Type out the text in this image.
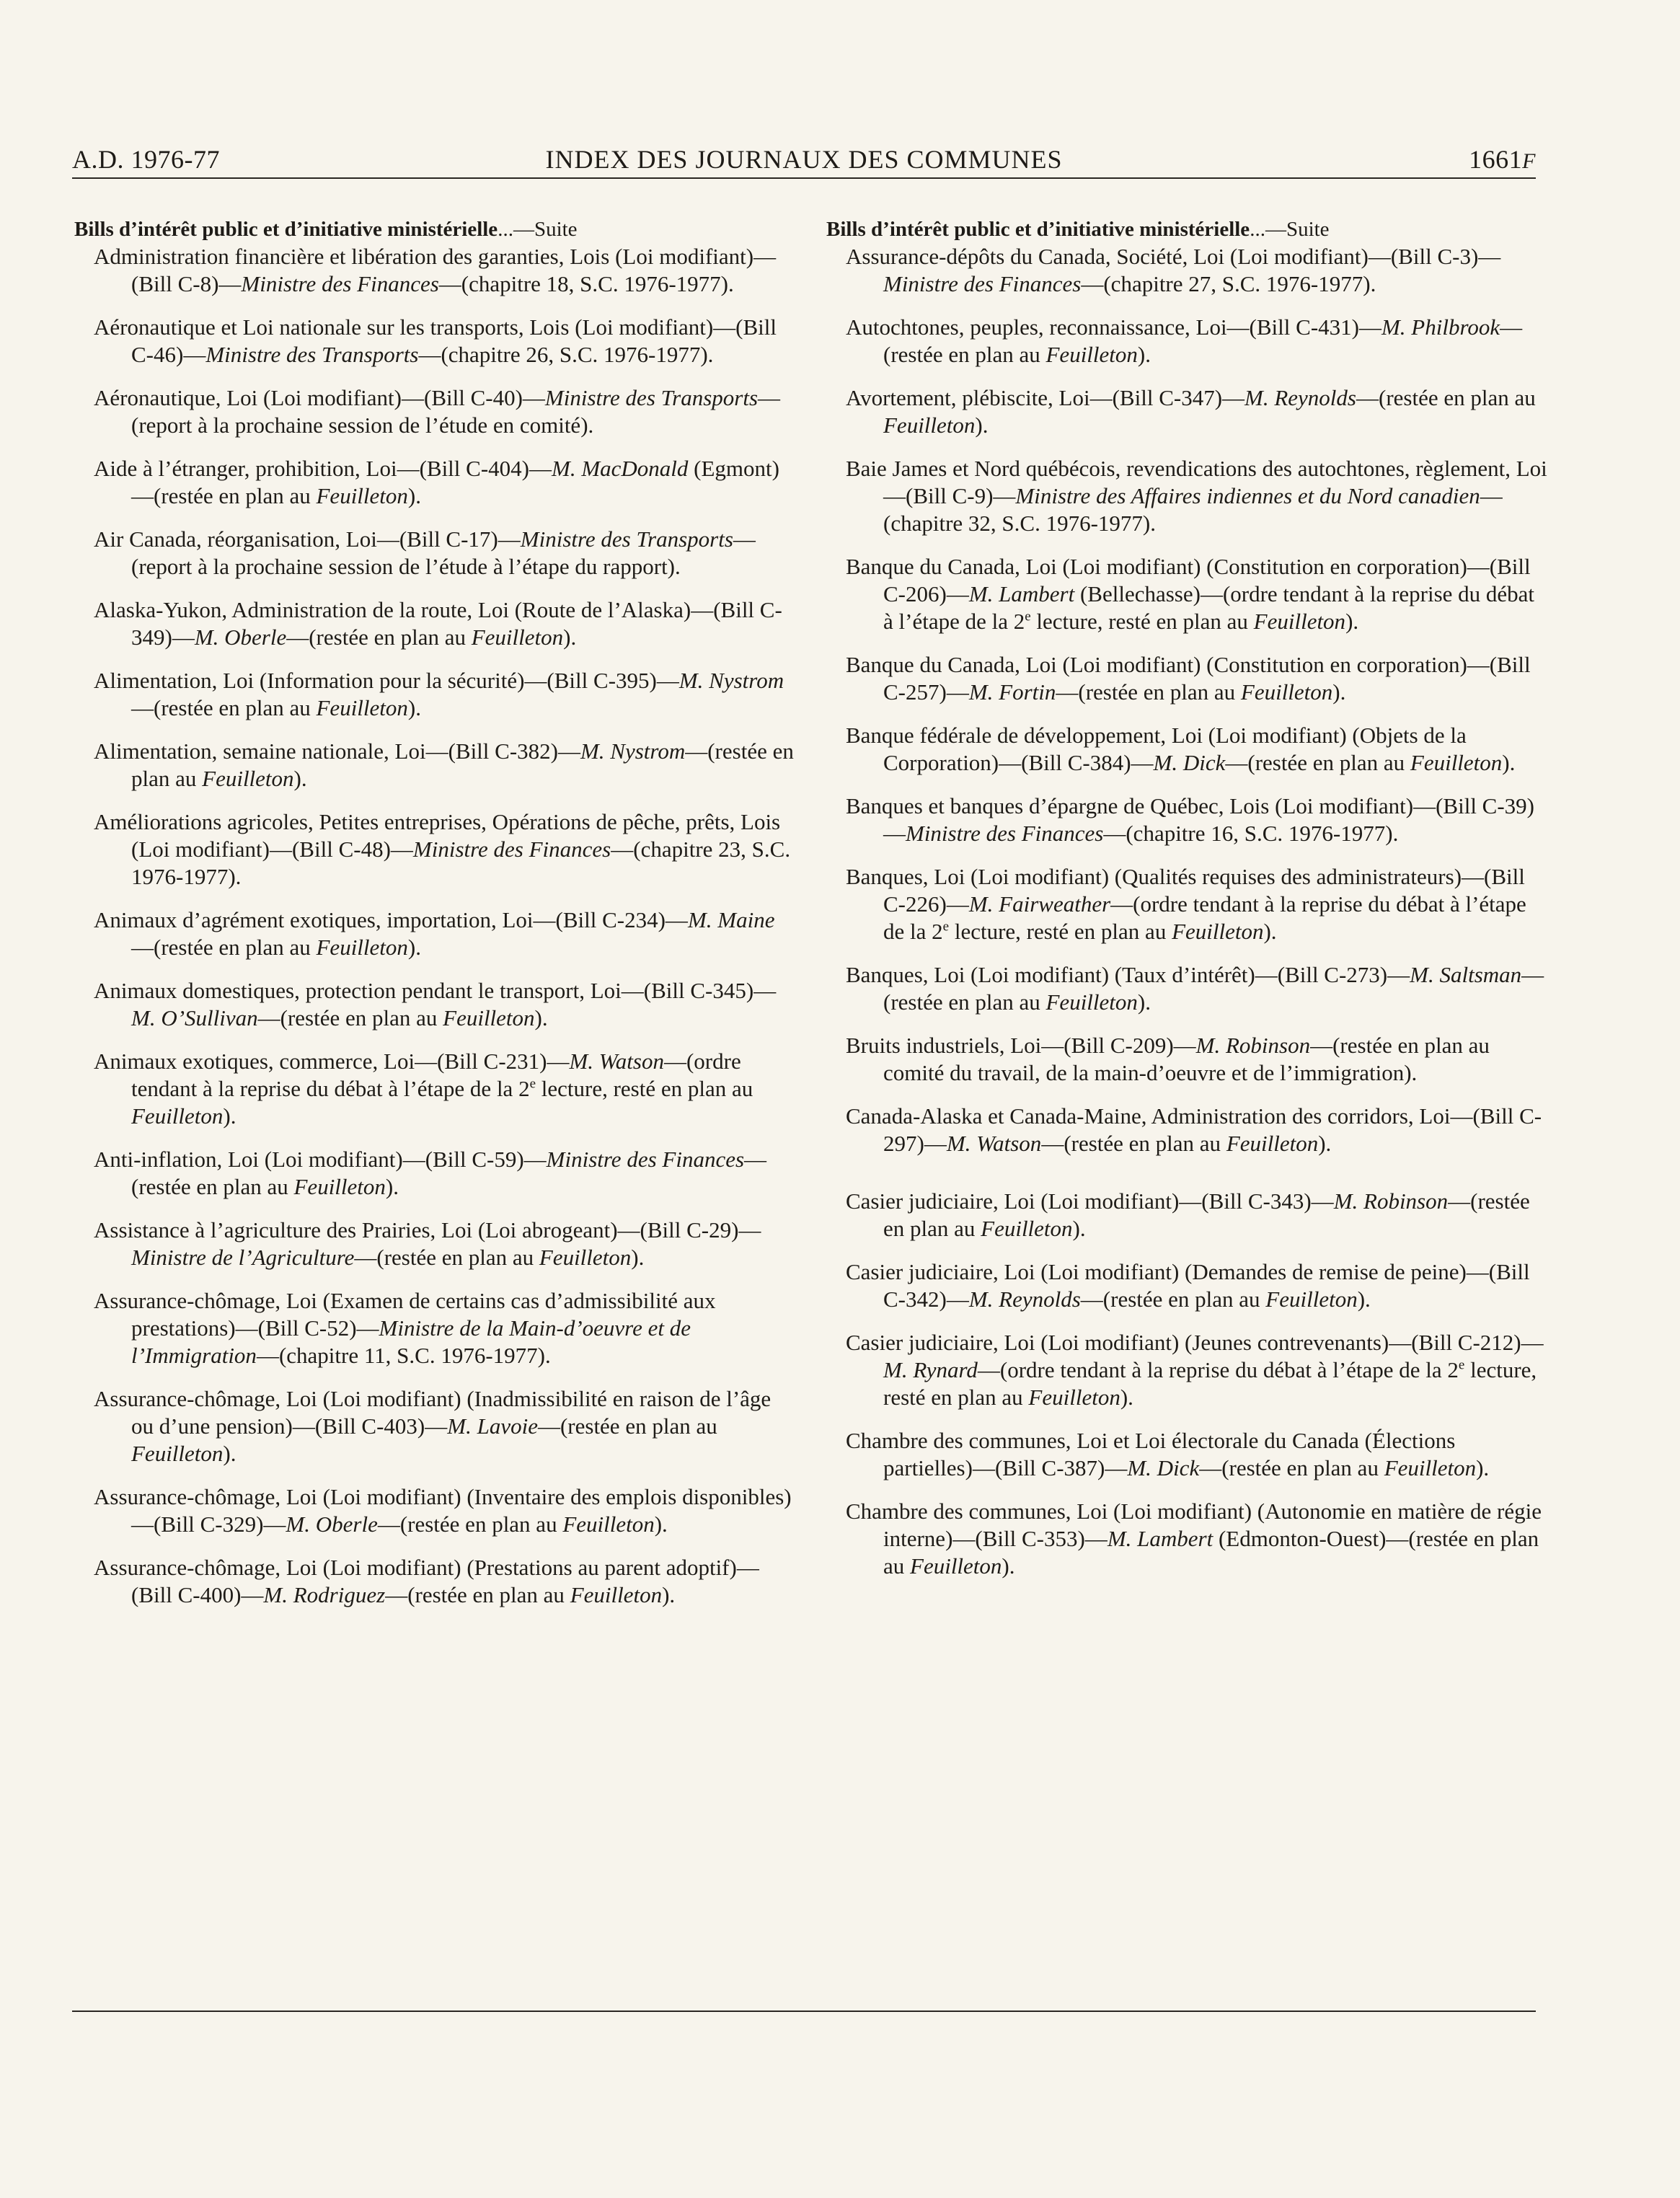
A.D. 1976-77	INDEX DES JOURNAUX DES COMMUNES	1661F
Bills d’intérêt public et d’initiative ministérielle...—Suite

Administration financière et libération des garanties, Lois (Loi modifiant)—(Bill C-8)—Ministre des Finances—(chapitre 18, S.C. 1976-1977).

Aéronautique et Loi nationale sur les transports, Lois (Loi modifiant)—(Bill C-46)—Ministre des Transports—(chapitre 26, S.C. 1976-1977).

Aéronautique, Loi (Loi modifiant)—(Bill C-40)—Ministre des Transports—(report à la prochaine session de l’étude en comité).

Aide à l’étranger, prohibition, Loi—(Bill C-404)—M. MacDonald (Egmont)—(restée en plan au Feuilleton).

Air Canada, réorganisation, Loi—(Bill C-17)—Ministre des Transports—(report à la prochaine session de l’étude à l’étape du rapport).

Alaska-Yukon, Administration de la route, Loi (Route de l’Alaska)—(Bill C-349)—M. Oberle—(restée en plan au Feuilleton).

Alimentation, Loi (Information pour la sécurité)—(Bill C-395)—M. Nystrom—(restée en plan au Feuilleton).

Alimentation, semaine nationale, Loi—(Bill C-382)—M. Nystrom—(restée en plan au Feuilleton).

Améliorations agricoles, Petites entreprises, Opérations de pêche, prêts, Lois (Loi modifiant)—(Bill C-48)—Ministre des Finances—(chapitre 23, S.C. 1976-1977).

Animaux d’agrément exotiques, importation, Loi—(Bill C-234)—M. Maine—(restée en plan au Feuilleton).

Animaux domestiques, protection pendant le transport, Loi—(Bill C-345)—M. O’Sullivan—(restée en plan au Feuilleton).

Animaux exotiques, commerce, Loi—(Bill C-231)—M. Watson—(ordre tendant à la reprise du débat à l’étape de la 2e lecture, resté en plan au Feuilleton).

Anti-inflation, Loi (Loi modifiant)—(Bill C-59)—Ministre des Finances—(restée en plan au Feuilleton).

Assistance à l’agriculture des Prairies, Loi (Loi abrogeant)—(Bill C-29)—Ministre de l’Agriculture—(restée en plan au Feuilleton).

Assurance-chômage, Loi (Examen de certains cas d’admissibilité aux prestations)—(Bill C-52)—Ministre de la Main-d’oeuvre et de l’Immigration—(chapitre 11, S.C. 1976-1977).

Assurance-chômage, Loi (Loi modifiant) (Inadmissibilité en raison de l’âge ou d’une pension)—(Bill C-403)—M. Lavoie—(restée en plan au Feuilleton).

Assurance-chômage, Loi (Loi modifiant) (Inventaire des emplois disponibles)—(Bill C-329)—M. Oberle—(restée en plan au Feuilleton).

Assurance-chômage, Loi (Loi modifiant) (Prestations au parent adoptif)—(Bill C-400)—M. Rodriguez—(restée en plan au Feuilleton).

Bills d’intérêt public et d’initiative ministérielle...—Suite

Assurance-dépôts du Canada, Société, Loi (Loi modifiant)—(Bill C-3)—Ministre des Finances—(chapitre 27, S.C. 1976-1977).

Autochtones, peuples, reconnaissance, Loi—(Bill C-431)—M. Philbrook—(restée en plan au Feuilleton).

Avortement, plébiscite, Loi—(Bill C-347)—M. Reynolds—(restée en plan au Feuilleton).

Baie James et Nord québécois, revendications des autochtones, règlement, Loi—(Bill C-9)—Ministre des Affaires indiennes et du Nord canadien—(chapitre 32, S.C. 1976-1977).

Banque du Canada, Loi (Loi modifiant) (Constitution en corporation)—(Bill C-206)—M. Lambert (Bellechasse)—(ordre tendant à la reprise du débat à l’étape de la 2e lecture, resté en plan au Feuilleton).

Banque du Canada, Loi (Loi modifiant) (Constitution en corporation)—(Bill C-257)—M. Fortin—(restée en plan au Feuilleton).

Banque fédérale de développement, Loi (Loi modifiant) (Objets de la Corporation)—(Bill C-384)—M. Dick—(restée en plan au Feuilleton).

Banques et banques d’épargne de Québec, Lois (Loi modifiant)—(Bill C-39)—Ministre des Finances—(chapitre 16, S.C. 1976-1977).

Banques, Loi (Loi modifiant) (Qualités requises des administrateurs)—(Bill C-226)—M. Fairweather—(ordre tendant à la reprise du débat à l’étape de la 2e lecture, resté en plan au Feuilleton).

Banques, Loi (Loi modifiant) (Taux d’intérêt)—(Bill C-273)—M. Saltsman—(restée en plan au Feuilleton).

Bruits industriels, Loi—(Bill C-209)—M. Robinson—(restée en plan au comité du travail, de la main-d’oeuvre et de l’immigration).

Canada-Alaska et Canada-Maine, Administration des corridors, Loi—(Bill C-297)—M. Watson—(restée en plan au Feuilleton).

Casier judiciaire, Loi (Loi modifiant)—(Bill C-343)—M. Robinson—(restée en plan au Feuilleton).

Casier judiciaire, Loi (Loi modifiant) (Demandes de remise de peine)—(Bill C-342)—M. Reynolds—(restée en plan au Feuilleton).

Casier judiciaire, Loi (Loi modifiant) (Jeunes contrevenants)—(Bill C-212)—M. Rynard—(ordre tendant à la reprise du débat à l’étape de la 2e lecture, resté en plan au Feuilleton).

Chambre des communes, Loi et Loi électorale du Canada (Élections partielles)—(Bill C-387)—M. Dick—(restée en plan au Feuilleton).

Chambre des communes, Loi (Loi modifiant) (Autonomie en matière de régie interne)—(Bill C-353)—M. Lambert (Edmonton-Ouest)—(restée en plan au Feuilleton).
